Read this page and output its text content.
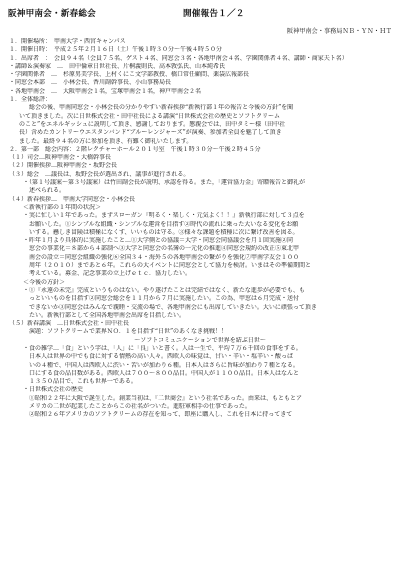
阪神甲南会・新春総会	開催報告１／２
阪神甲南会・事務局ＮＢ・ＹＮ・ＨＴ
１．開催場所：　甲南大学・西宮キャンパス
１．開催日時：　平成２５年２月１６日（土）午後１時３０分～午後４時５０分
１．出席者　：　会員９４名（会員７５名、ゲスト４名、同窓会３名・各地甲南会４名、学園関係者４名、講師・商家夫ト名）
・講師＆演奏家　…　田中倫章日世社長、片桐義則氏、高本敦弘氏、山本純希氏
・学園関係者　…　杉原男美学長、上村くにこ文学部教授、橋口常任顧問、薬袋広報部長
・同窓会本部　…　小林会長、香川副幹事長、小山事務局長
・各地甲南会　…　大阪甲南会１名，宝塚甲南会１名，神戸甲南会２名
１．全体総評：
総会の後、甲南同窓会・小林会長の分かりやすい新春挨拶“新執行部１年の報告と今後の方針”を聞
いて頂きました。次に日世株式会社・田中社長による講演“日世株式会社の歴史とソフトクリーム
のこと”をエネルギッシュに説明して頂き、感謝しております。懇親会では、田中タミー様（田中社
長）含めたカントリーウエスタンバンド“ブルーレンジャーズ”が演奏、参加者全員を魅了して頂き
ました。最終９４名の方に参加を頂き、有難く御礼いたします。
２．第一部　総会内容：２階レクチャーホール２０１号室　午後１時３０分～午後２時４５分
（１）司会…阪神甲南会・大橋幹事長
（２）開催挨拶…阪神甲南会・坂野会長
（３）総会　…議長は、坂野会長が選出され、議事が進行される。
・（第１号議案～第３号議案）は竹田副会長が説明、承認を得る。また，「運営協力金」寄贈報告と御礼が
述べられる。
（４）新春挨拶…　甲南大学同窓会・小林会長
＜新執行部の１年間の状況＞
・実に忙しい１年であった。まずスローガン『明るく・楽しく・元気よく！！』新執行部に対して３点を
お願いした。①シンプルな組織・シンプルな運営を目指す②時代の流れに乗った大いなる変化をお願
いする。懸しき冒険は積極になくす、いいものは守る。③様々な課題を積極に次に繋げ改善を図る。
・昨年１月より具体的に実施したこと…①大学側との協議＝大学・同窓会同協議会を月１回実施②同
窓会の事業化＝８部から４部制へ③大学と同窓会の名簿の一元化の推進④同窓会規約の改正⑤東北甲
南会の設立＝同窓会組織の強化⑥全国３４・海外５の各地甲南会の繋がりを強化⑦甲南学友会１００
周年（２０１０）まであと６年。これらの大イベントに同窓会として協力を検討。いまはその準備期間と
考えている。募金、記念事業の立上げｅｔｃ．協力したい。
＜今後の方針＞
・①『永遠の未完』完成というものはない。やり遂げたことは完結ではなく、新たな進歩が必要でも、も
っといいものを目指す②同窓会総会を１１月から７月に実施したい。この為、甲窓は６月完成・送付
できないか③同窓会はみんなで親睦・交流の場で、各地甲南会にも出席していきたい。大いに頑張って頂き
たい。新執行部として全国各地甲南会出席を目指したい。
（５）新春講演　…日世株式会社・田中社長
演題：ソフトクリームで業界ＮＯ．１を目指す“日世”のあくなき挑戦！！
～ソフトコミュニケーションで世界を結ぶ日世～
・食の雑学…「食」という字は、「人」に「良」いと書く。人は一生で、平均７万６千回の食事をする。
日本人は世界の中でも食に対する情熱の高い人々。西欧人の味覚は、甘い・辛い・塩辛い・酸っぱ
いの４種で、中国人は西欧人に渋い・苦いが加わり６種。日本人はさらに旨味が加わり７種となる。
口にする食の品目数がある。西欧人は７００～８００品目。中国人が１１００品目。日本人はなんと
１３５０品目で、これも世界一である。
・日世株式会社の歴史
①昭和２２年に大阪で誕生した。創業当初は、『二世商会』という社名であった。由来は、もともとア
メリカの二世が起業したことからこの社名がついた。進駐軍相手の仕事であった。
②昭和２６年アメリカのソフトクリームの存在を知って、即座に購入し、これを日本に持ってきて
